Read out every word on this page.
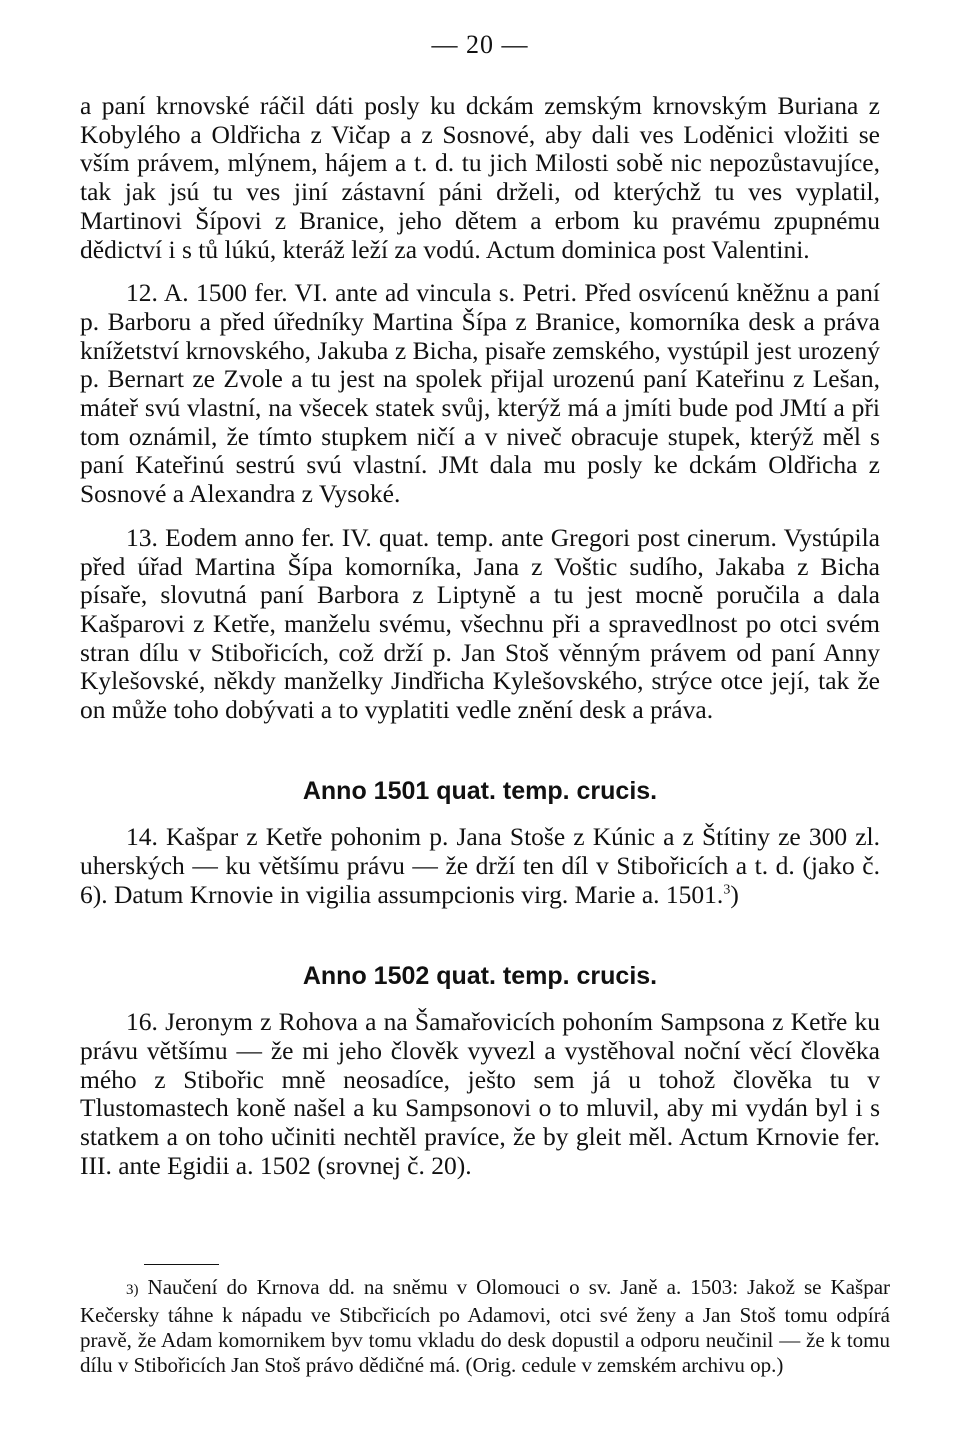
— 20 —

a paní krnovské ráčil dáti posly ku dckám zemským krnovským Buriana z Kobylého a Oldřicha z Vičap a z Sosnové, aby dali ves Loděnici vložiti se vším právem, mlýnem, hájem a t. d. tu jich Milosti sobě nic nepozůstavujíce, tak jak jsú tu ves jiní zástavní páni drželi, od kterýchž tu ves vyplatil, Martinovi Šípovi z Branice, jeho dětem a erbom ku pravému zpupnému dědictví i s tů lúkú, kteráž leží za vodú. Actum dominica post Valentini.

12. A. 1500 fer. VI. ante ad vincula s. Petri. Před osvícenú kněžnu a paní p. Barboru a před úředníky Martina Šípa z Branice, komorníka desk a práva knížetství krnovského, Jakuba z Bicha, pisaře zemského, vystúpil jest urozený p. Bernart ze Zvole a tu jest na spolek přijal urozenú paní Kateřinu z Lešan, máteř svú vlastní, na všecek statek svůj, kterýž má a jmíti bude pod JMtí a při tom oznámil, že tímto stupkem ničí a v niveč obracuje stupek, kterýž měl s paní Kateřinú sestrú svú vlastní. JMt dala mu posly ke dckám Oldřicha z Sosnové a Alexandra z Vysoké.

13. Eodem anno fer. IV. quat. temp. ante Gregori post cinerum. Vystúpila před úřad Martina Šípa komorníka, Jana z Voštic sudího, Jakaba z Bicha písaře, slovutná paní Barbora z Liptyně a tu jest mocně poručila a dala Kašparovi z Ketře, manželu svému, všechnu při a spravedlnost po otci svém stran dílu v Stibořicích, což drží p. Jan Stoš věnným právem od paní Anny Kylešovské, někdy manželky Jindřicha Kylešovského, strýce otce její, tak že on může toho dobývati a to vyplatiti vedle znění desk a práva.

Anno 1501 quat. temp. crucis.

14. Kašpar z Ketře pohonim p. Jana Stoše z Kúnic a z Štítiny ze 300 zl. uherských — ku většímu právu — že drží ten díl v Stibořicích a t. d. (jako č. 6). Datum Krnovie in vigilia assumpcionis virg. Marie a. 1501.$^3$)

Anno 1502 quat. temp. crucis.

16. Jeronym z Rohova a na Šamařovicích pohoním Sampsona z Ketře ku právu většímu — že mi jeho člověk vyvezl a vystěhoval noční věcí člověka mého z Stibořic mně neosadíce, ješto sem já u tohož člověka tu v Tlustomastech koně našel a ku Sampsonovi o to mluvil, aby mi vydán byl i s statkem a on toho učiniti nechtěl pravíce, že by gleit měl. Actum Krnovie fer. III. ante Egidii a. 1502 (srovnej č. 20).

3) Naučení do Krnova dd. na sněmu v Olomouci o sv. Janě a. 1503: Jakož se Kašpar Kečersky táhne k nápadu ve Stibcřicích po Adamovi, otci své ženy a Jan Stoš tomu odpírá pravě, že Adam komornikem byv tomu vkladu do desk dopustil a odporu neučinil — že k tomu dílu v Stibořicích Jan Stoš právo dědičné má. (Orig. cedule v zemském archivu op.)
